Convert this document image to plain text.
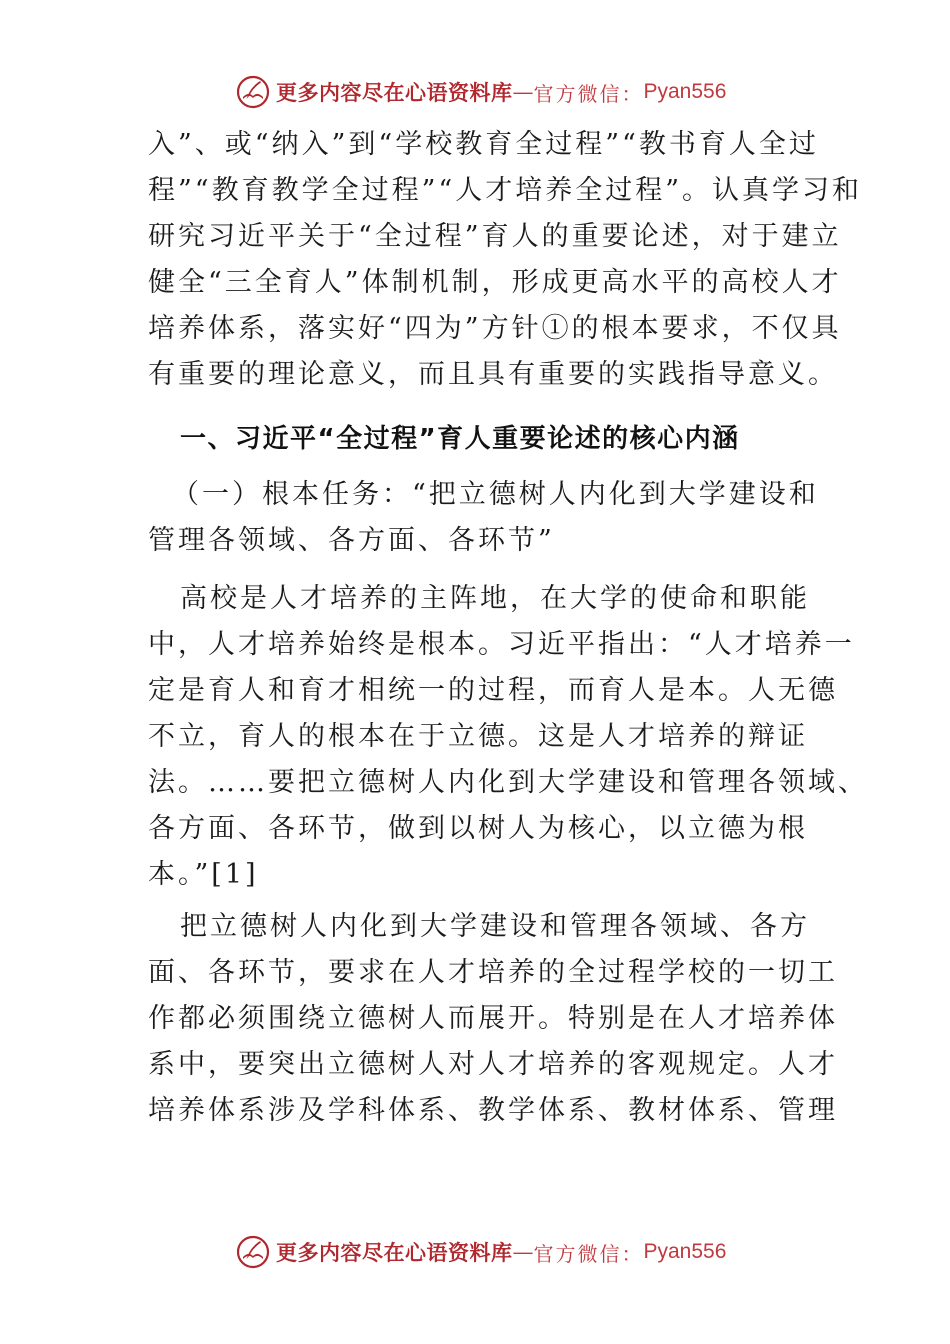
更多内容尽在心语资料库 — 官方微信： Pyan556
入”、或“纳入”到“学校教育全过程”“教书育人全过
程”“教育教学全过程”“人才培养全过程”。认真学习和
研究习近平关于“全过程”育人的重要论述，对于建立
健全“三全育人”体制机制，形成更高水平的高校人才
培养体系，落实好“四为”方针①的根本要求，不仅具
有重要的理论意义，而且具有重要的实践指导意义。
一、习近平“全过程”育人重要论述的核心内涵
（一）根本任务：“把立德树人内化到大学建设和
管理各领域、各方面、各环节”
高校是人才培养的主阵地，在大学的使命和职能
中，人才培养始终是根本。习近平指出：“人才培养一
定是育人和育才相统一的过程，而育人是本。人无德
不立，育人的根本在于立德。这是人才培养的辩证
法。……要把立德树人内化到大学建设和管理各领域、
各方面、各环节，做到以树人为核心，以立德为根
本。”[1]
把立德树人内化到大学建设和管理各领域、各方
面、各环节，要求在人才培养的全过程学校的一切工
作都必须围绕立德树人而展开。特别是在人才培养体
系中，要突出立德树人对人才培养的客观规定。人才
培养体系涉及学科体系、教学体系、教材体系、管理
更多内容尽在心语资料库 — 官方微信： Pyan556
